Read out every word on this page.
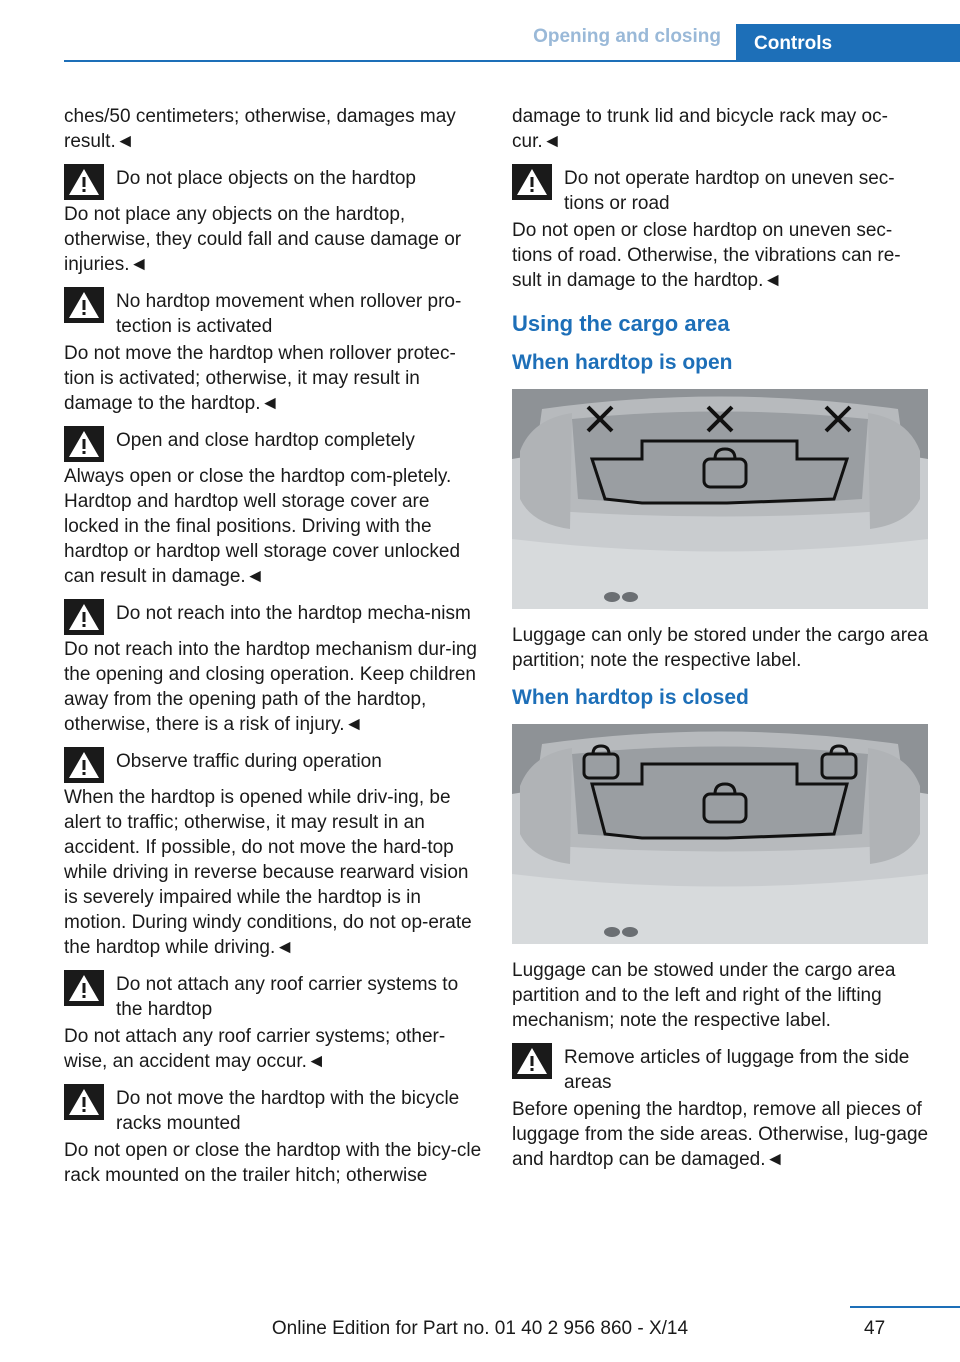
Opening and closing	Controls

ches/50 centimeters; otherwise, damages may result.◄

Do not place objects on the hardtop
Do not place any objects on the hardtop, otherwise, they could fall and cause damage or injuries.◄
No hardtop movement when rollover pro-tection is activated
Do not move the hardtop when rollover protec-tion is activated; otherwise, it may result in damage to the hardtop.◄
Open and close hardtop completely
Always open or close the hardtop com-pletely. Hardtop and hardtop well storage cover are locked in the final positions. Driving with the hardtop or hardtop well storage cover unlocked can result in damage.◄
Do not reach into the hardtop mecha-nism
Do not reach into the hardtop mechanism dur-ing the opening and closing operation. Keep children away from the opening path of the hardtop, otherwise, there is a risk of injury.◄
Observe traffic during operation
When the hardtop is opened while driv-ing, be alert to traffic; otherwise, it may result in an accident. If possible, do not move the hard-top while driving in reverse because rearward vision is severely impaired while the hardtop is in motion. During windy conditions, do not op-erate the hardtop while driving.◄
Do not attach any roof carrier systems to the hardtop
Do not attach any roof carrier systems; other-wise, an accident may occur.◄
Do not move the hardtop with the bicycle racks mounted
Do not open or close the hardtop with the bicy-cle rack mounted on the trailer hitch; otherwise

damage to trunk lid and bicycle rack may oc-cur.◄

Do not operate hardtop on uneven sec-tions or road
Do not open or close hardtop on uneven sec-tions of road. Otherwise, the vibrations can re-sult in damage to the hardtop.◄
Using the cargo area
When hardtop is open

Luggage can only be stored under the cargo area partition; note the respective label.

When hardtop is closed

Luggage can be stowed under the cargo area partition and to the left and right of the lifting mechanism; note the respective label.

Remove articles of luggage from the side areas
Before opening the hardtop, remove all pieces of luggage from the side areas. Otherwise, lug-gage and hardtop can be damaged.◄
47
Online Edition for Part no. 01 40 2 956 860 - X/14
